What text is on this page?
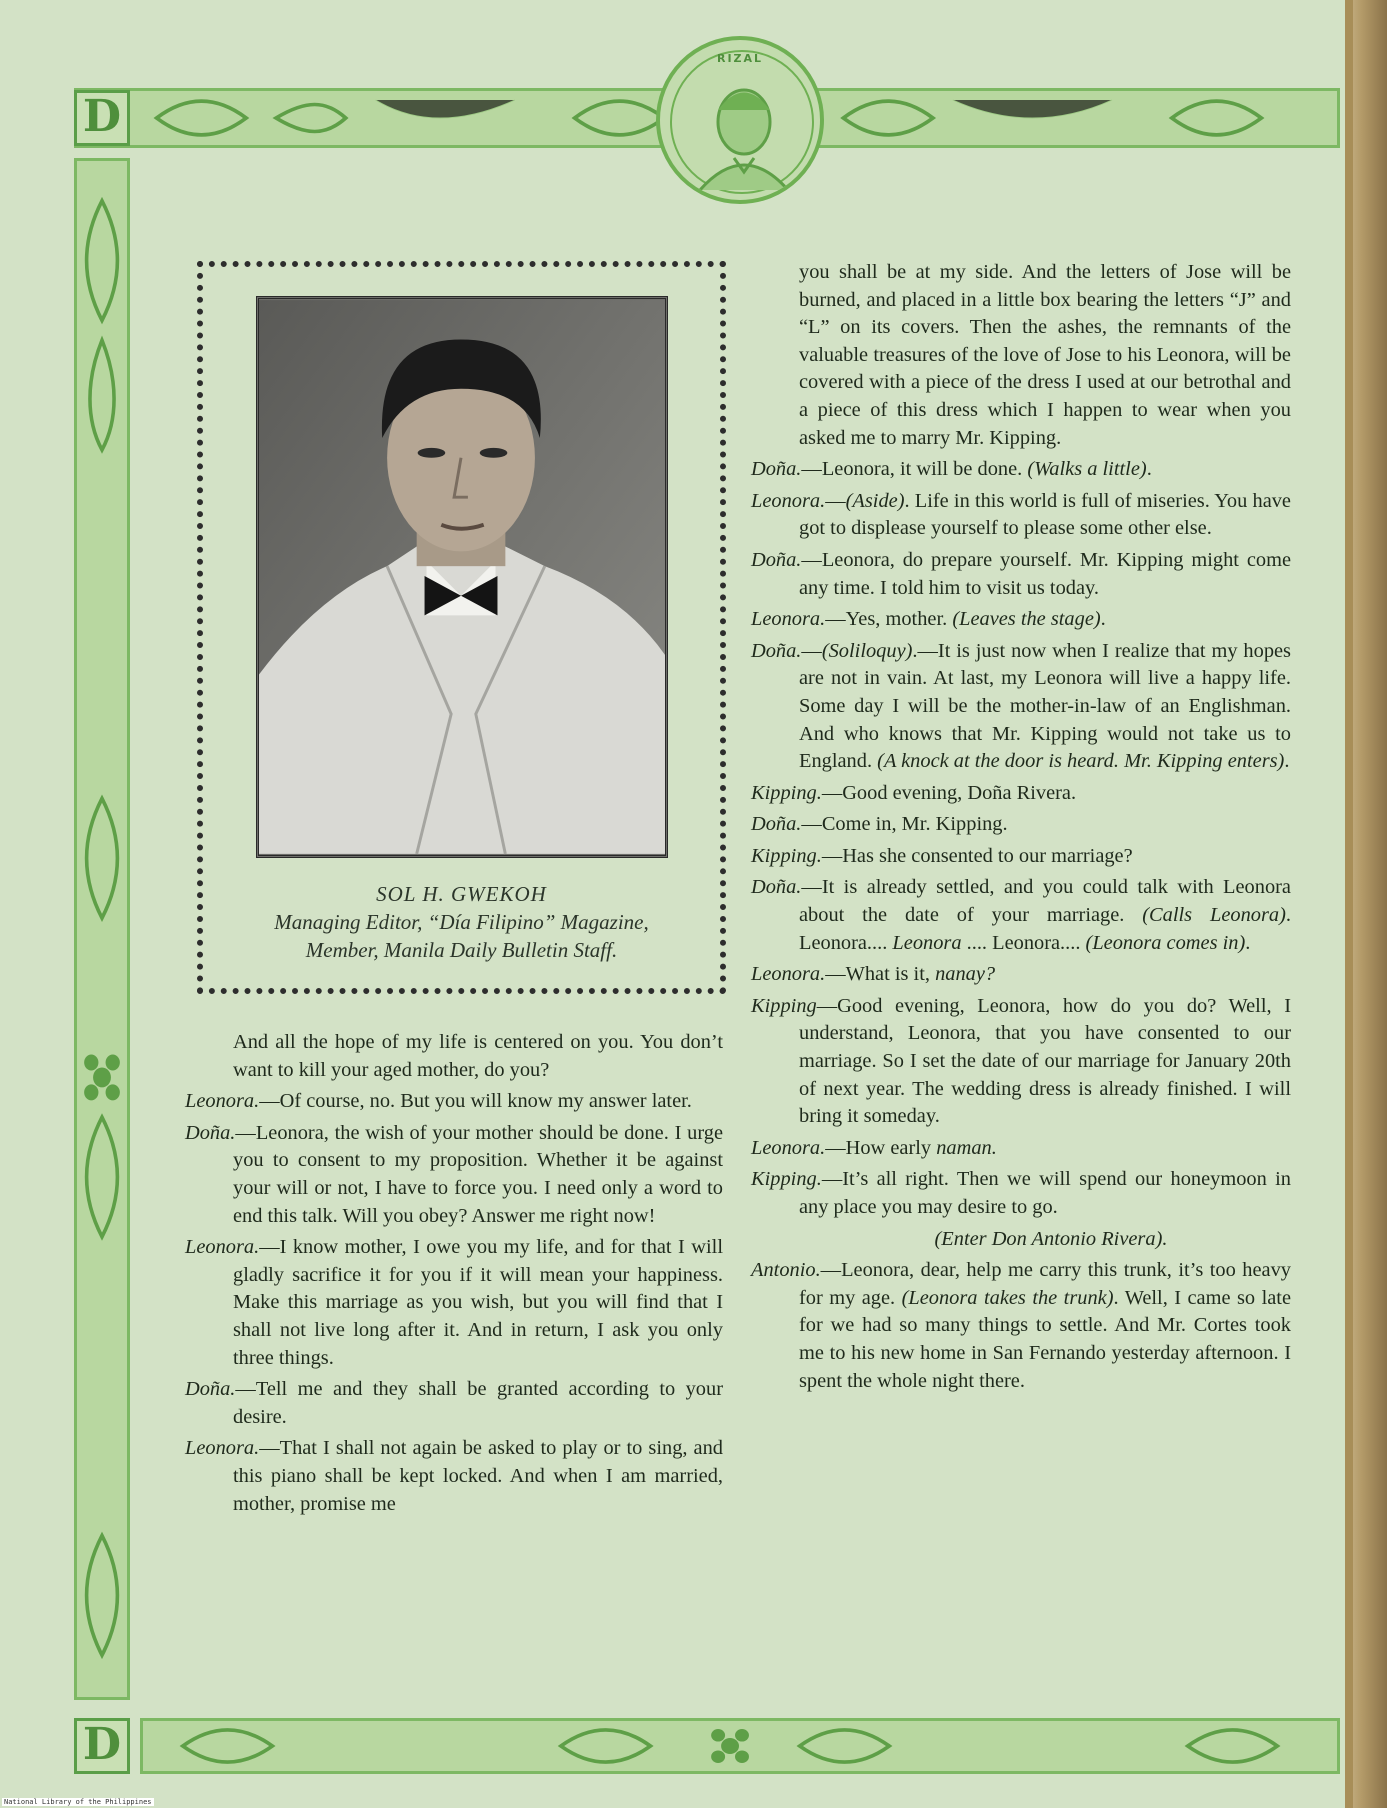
D
RIZAL
D
SOL H. GWEKOH
Managing Editor, “Día Filipino” Magazine,
Member, Manila Daily Bulletin Staff.

And all the hope of my life is centered on you. You don’t want to kill your aged mother, do you?

Leonora.—Of course, no. But you will know my answer later.

Doña.—Leonora, the wish of your mother should be done. I urge you to consent to my proposition. Whether it be against your will or not, I have to force you. I need only a word to end this talk. Will you obey? Answer me right now!

Leonora.—I know mother, I owe you my life, and for that I will gladly sacrifice it for you if it will mean your happiness. Make this marriage as you wish, but you will find that I shall not live long after it. And in return, I ask you only three things.

Doña.—Tell me and they shall be granted according to your desire.

Leonora.—That I shall not again be asked to play or to sing, and this piano shall be kept locked. And when I am married, mother, promise me

you shall be at my side. And the letters of Jose will be burned, and placed in a little box bearing the letters “J” and “L” on its covers. Then the ashes, the remnants of the valuable treasures of the love of Jose to his Leonora, will be covered with a piece of the dress I used at our betrothal and a piece of this dress which I happen to wear when you asked me to marry Mr. Kipping.

Doña.—Leonora, it will be done. (Walks a little).

Leonora.—(Aside). Life in this world is full of miseries. You have got to displease yourself to please some other else.

Doña.—Leonora, do prepare yourself. Mr. Kipping might come any time. I told him to visit us today.

Leonora.—Yes, mother. (Leaves the stage).

Doña.—(Soliloquy).—It is just now when I realize that my hopes are not in vain. At last, my Leonora will live a happy life. Some day I will be the mother-in-law of an Englishman. And who knows that Mr. Kipping would not take us to England. (A knock at the door is heard. Mr. Kipping enters).

Kipping.—Good evening, Doña Rivera.

Doña.—Come in, Mr. Kipping.

Kipping.—Has she consented to our marriage?

Doña.—It is already settled, and you could talk with Leonora about the date of your marriage. (Calls Leonora). Leonora.... Leonora .... Leonora.... (Leonora comes in).

Leonora.—What is it, nanay?

Kipping—Good evening, Leonora, how do you do? Well, I understand, Leonora, that you have consented to our marriage. So I set the date of our marriage for January 20th of next year. The wedding dress is already finished. I will bring it someday.

Leonora.—How early naman.

Kipping.—It’s all right. Then we will spend our honeymoon in any place you may desire to go.

(Enter Don Antonio Rivera).

Antonio.—Leonora, dear, help me carry this trunk, it’s too heavy for my age. (Leonora takes the trunk). Well, I came so late for we had so many things to settle. And Mr. Cortes took me to his new home in San Fernando yesterday afternoon. I spent the whole night there.

National Library of the Philippines
